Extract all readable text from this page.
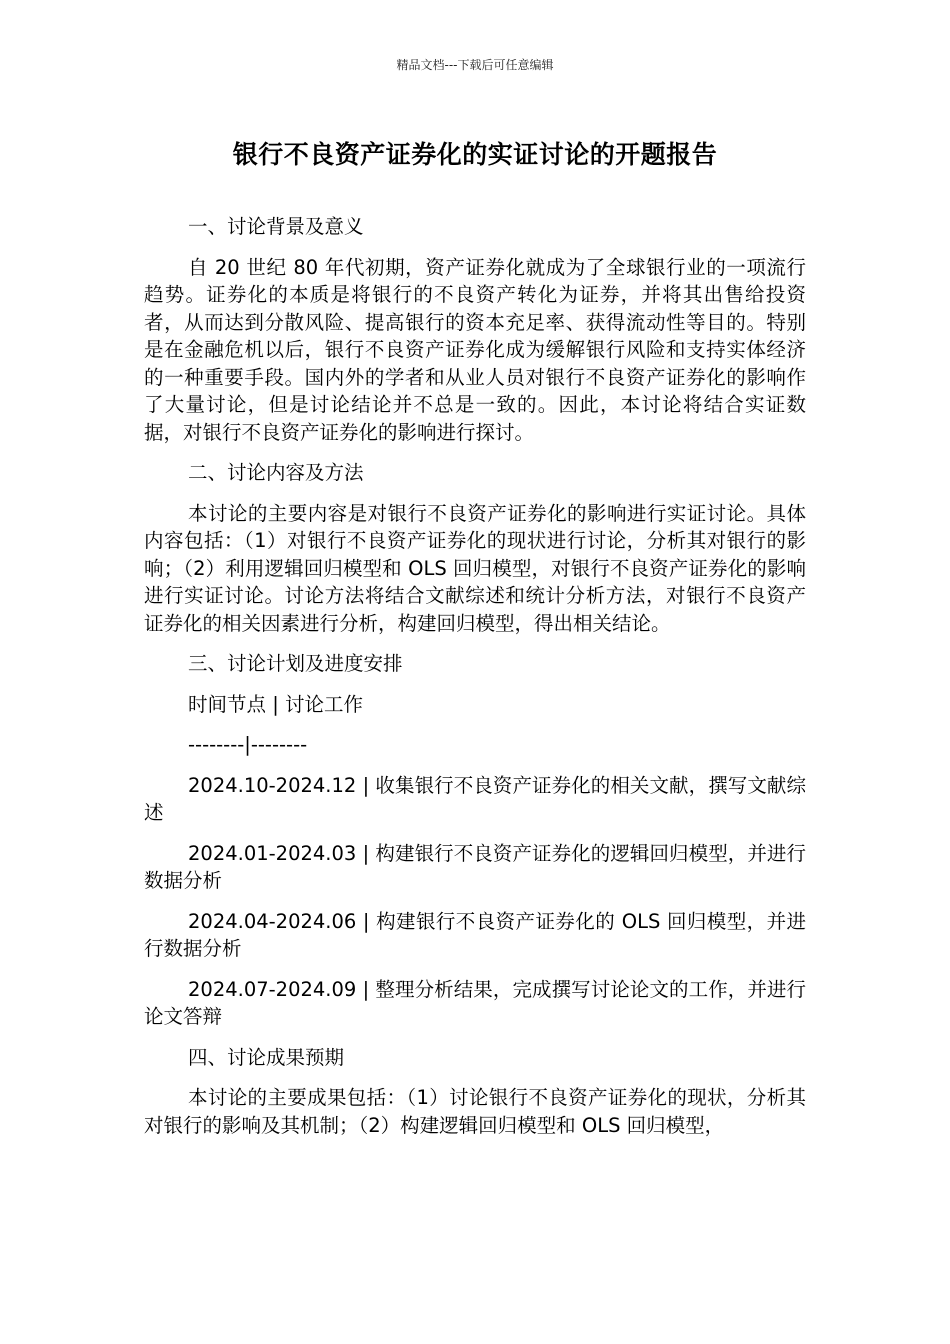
精品文档---下载后可任意编辑
银行不良资产证券化的实证讨论的开题报告

一、讨论背景及意义

自 20 世纪 80 年代初期，资产证券化就成为了全球银行业的一项流行趋势。证券化的本质是将银行的不良资产转化为证券，并将其出售给投资者，从而达到分散风险、提高银行的资本充足率、获得流动性等目的。特别是在金融危机以后，银行不良资产证券化成为缓解银行风险和支持实体经济的一种重要手段。国内外的学者和从业人员对银行不良资产证券化的影响作了大量讨论，但是讨论结论并不总是一致的。因此，本讨论将结合实证数据，对银行不良资产证券化的影响进行探讨。

二、讨论内容及方法

本讨论的主要内容是对银行不良资产证券化的影响进行实证讨论。具体内容包括：（1）对银行不良资产证券化的现状进行讨论，分析其对银行的影响；（2）利用逻辑回归模型和 OLS 回归模型，对银行不良资产证券化的影响进行实证讨论。讨论方法将结合文献综述和统计分析方法，对银行不良资产证券化的相关因素进行分析，构建回归模型，得出相关结论。

三、讨论计划及进度安排

时间节点 | 讨论工作

--------|--------

2024.10-2024.12 | 收集银行不良资产证券化的相关文献，撰写文献综述

2024.01-2024.03 | 构建银行不良资产证券化的逻辑回归模型，并进行数据分析

2024.04-2024.06 | 构建银行不良资产证券化的 OLS 回归模型，并进行数据分析

2024.07-2024.09 | 整理分析结果，完成撰写讨论论文的工作，并进行论文答辩

四、讨论成果预期

本讨论的主要成果包括：（1）讨论银行不良资产证券化的现状，分析其对银行的影响及其机制；（2）构建逻辑回归模型和 OLS 回归模型，
